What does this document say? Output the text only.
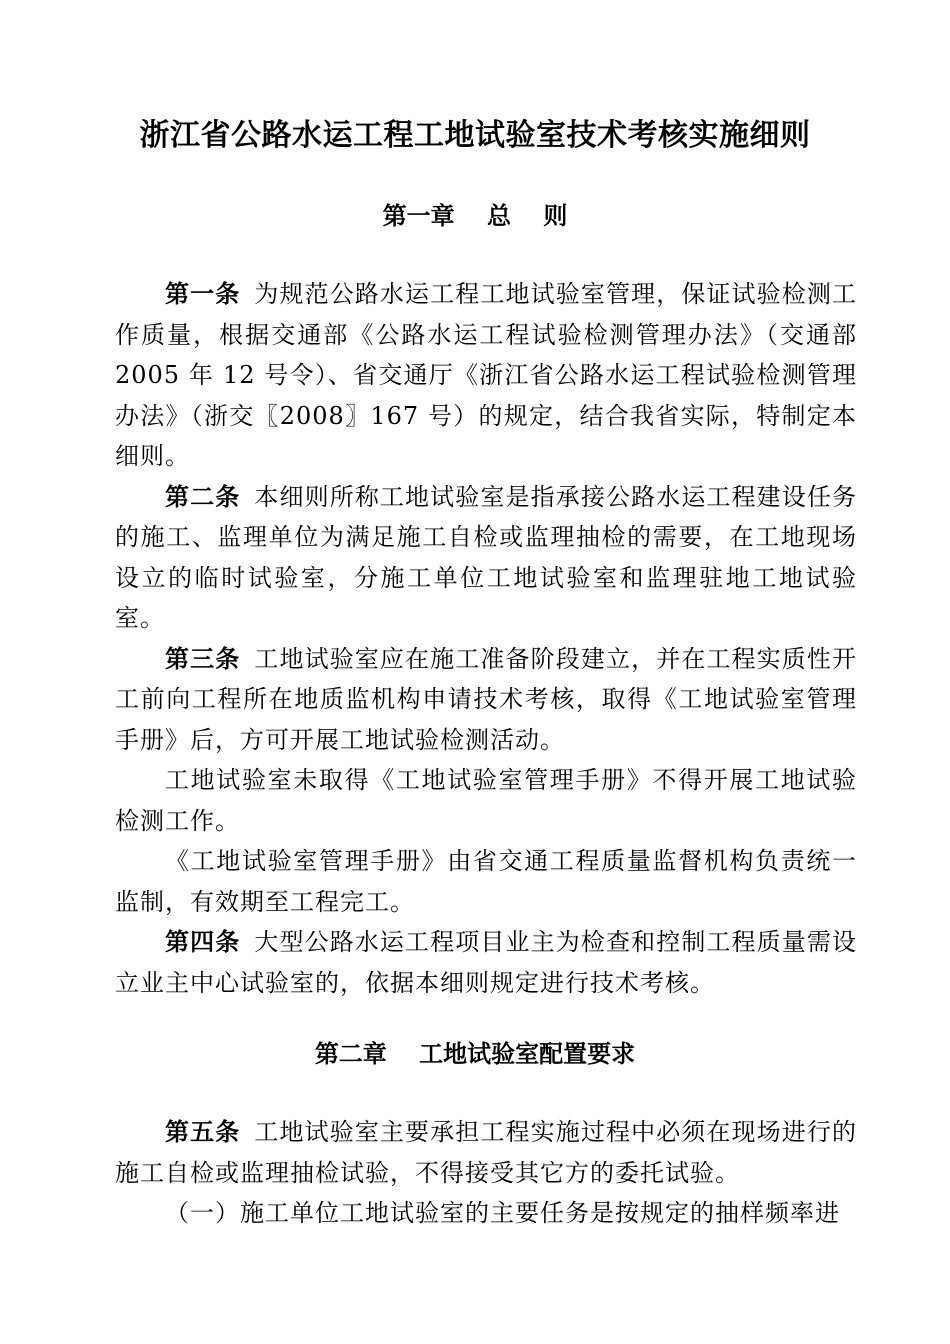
浙江省公路水运工程工地试验室技术考核实施细则
第一章　 总　 则

第一条 为规范公路水运工程工地试验室管理，保证试验检测工作质量，根据交通部《公路水运工程试验检测管理办法》（交通部 2005 年 12 号令）、省交通厅《浙江省公路水运工程试验检测管理办法》（浙交〖2008〗167 号）的规定，结合我省实际，特制定本细则。

第二条 本细则所称工地试验室是指承接公路水运工程建设任务的施工、监理单位为满足施工自检或监理抽检的需要，在工地现场设立的临时试验室，分施工单位工地试验室和监理驻地工地试验室。

第三条 工地试验室应在施工准备阶段建立，并在工程实质性开工前向工程所在地质监机构申请技术考核，取得《工地试验室管理手册》后，方可开展工地试验检测活动。

工地试验室未取得《工地试验室管理手册》不得开展工地试验检测工作。

《工地试验室管理手册》由省交通工程质量监督机构负责统一监制，有效期至工程完工。

第四条 大型公路水运工程项目业主为检查和控制工程质量需设立业主中心试验室的，依据本细则规定进行技术考核。

第二章　 工地试验室配置要求

第五条 工地试验室主要承担工程实施过程中必须在现场进行的施工自检或监理抽检试验，不得接受其它方的委托试验。

（一）施工单位工地试验室的主要任务是按规定的抽样频率进
